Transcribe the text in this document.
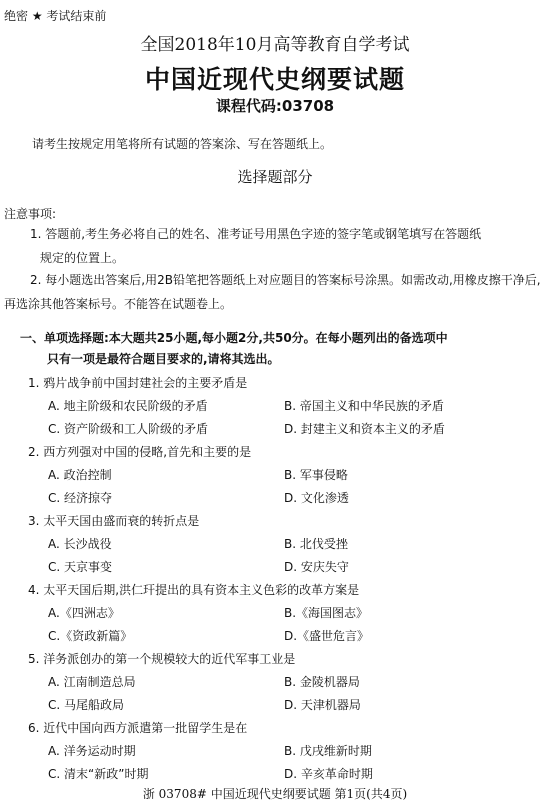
绝密 ★ 考试结束前
全国2018年10月高等教育自学考试
中国近现代史纲要试题
课程代码:03708
请考生按规定用笔将所有试题的答案涂、写在答题纸上。
选择题部分
注意事项:
1. 答题前,考生务必将自己的姓名、准考证号用黑色字迹的签字笔或钢笔填写在答题纸
规定的位置上。
2. 每小题选出答案后,用2B铅笔把答题纸上对应题目的答案标号涂黑。如需改动,用橡皮擦干净后,再选涂其他答案标号。不能答在试题卷上。
一、单项选择题:本大题共25小题,每小题2分,共50分。在每小题列出的备选项中
只有一项是最符合题目要求的,请将其选出。
1. 鸦片战争前中国封建社会的主要矛盾是
A. 地主阶级和农民阶级的矛盾	B. 帝国主义和中华民族的矛盾
C. 资产阶级和工人阶级的矛盾	D. 封建主义和资本主义的矛盾
2. 西方列强对中国的侵略,首先和主要的是
A. 政治控制	B. 军事侵略
C. 经济掠夺	D. 文化渗透
3. 太平天国由盛而衰的转折点是
A. 长沙战役	B. 北伐受挫
C. 天京事变	D. 安庆失守
4. 太平天国后期,洪仁玕提出的具有资本主义色彩的改革方案是
A.《四洲志》	B.《海国图志》
C.《资政新篇》	D.《盛世危言》
5. 洋务派创办的第一个规模较大的近代军事工业是
A. 江南制造总局	B. 金陵机器局
C. 马尾船政局	D. 天津机器局
6. 近代中国向西方派遣第一批留学生是在
A. 洋务运动时期	B. 戊戌维新时期
C. 清末“新政”时期	D. 辛亥革命时期
浙 03708# 中国近现代史纲要试题 第1页(共4页)
